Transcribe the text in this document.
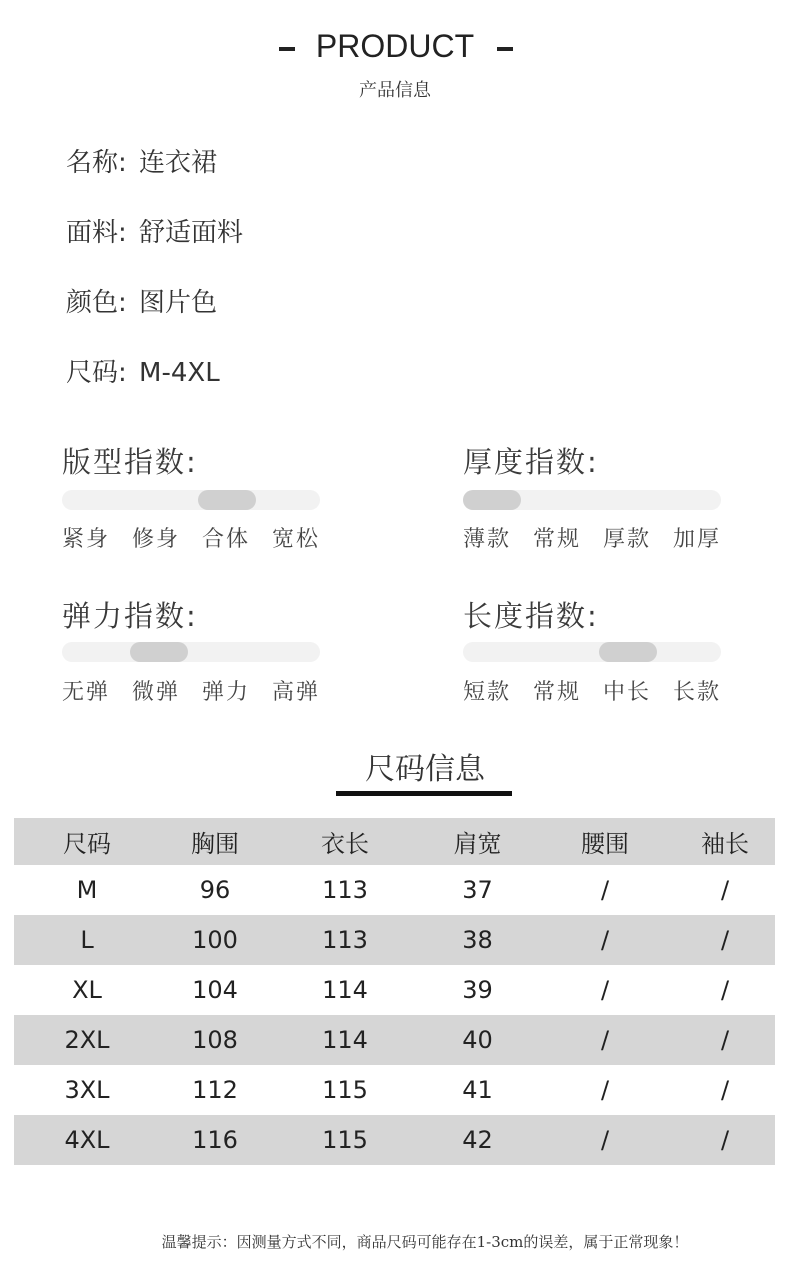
PRODUCT
产品信息
名称: 连衣裙
面料: 舒适面料
颜色: 图片色
尺码: M-4XL
版型指数:
紧身 修身 合体 宽松
厚度指数:
薄款 常规 厚款 加厚
弹力指数:
无弹 微弹 弹力 高弹
长度指数:
短款 常规 中长 长款
尺码信息
尺码	胸围	衣长	肩宽	腰围	袖长
M	96	113	37	/	/
L	100	113	38	/	/
XL	104	114	39	/	/
2XL	108	114	40	/	/
3XL	112	115	41	/	/
4XL	116	115	42	/	/
温馨提示：因测量方式不同，商品尺码可能存在1-3cm的误差，属于正常现象！
